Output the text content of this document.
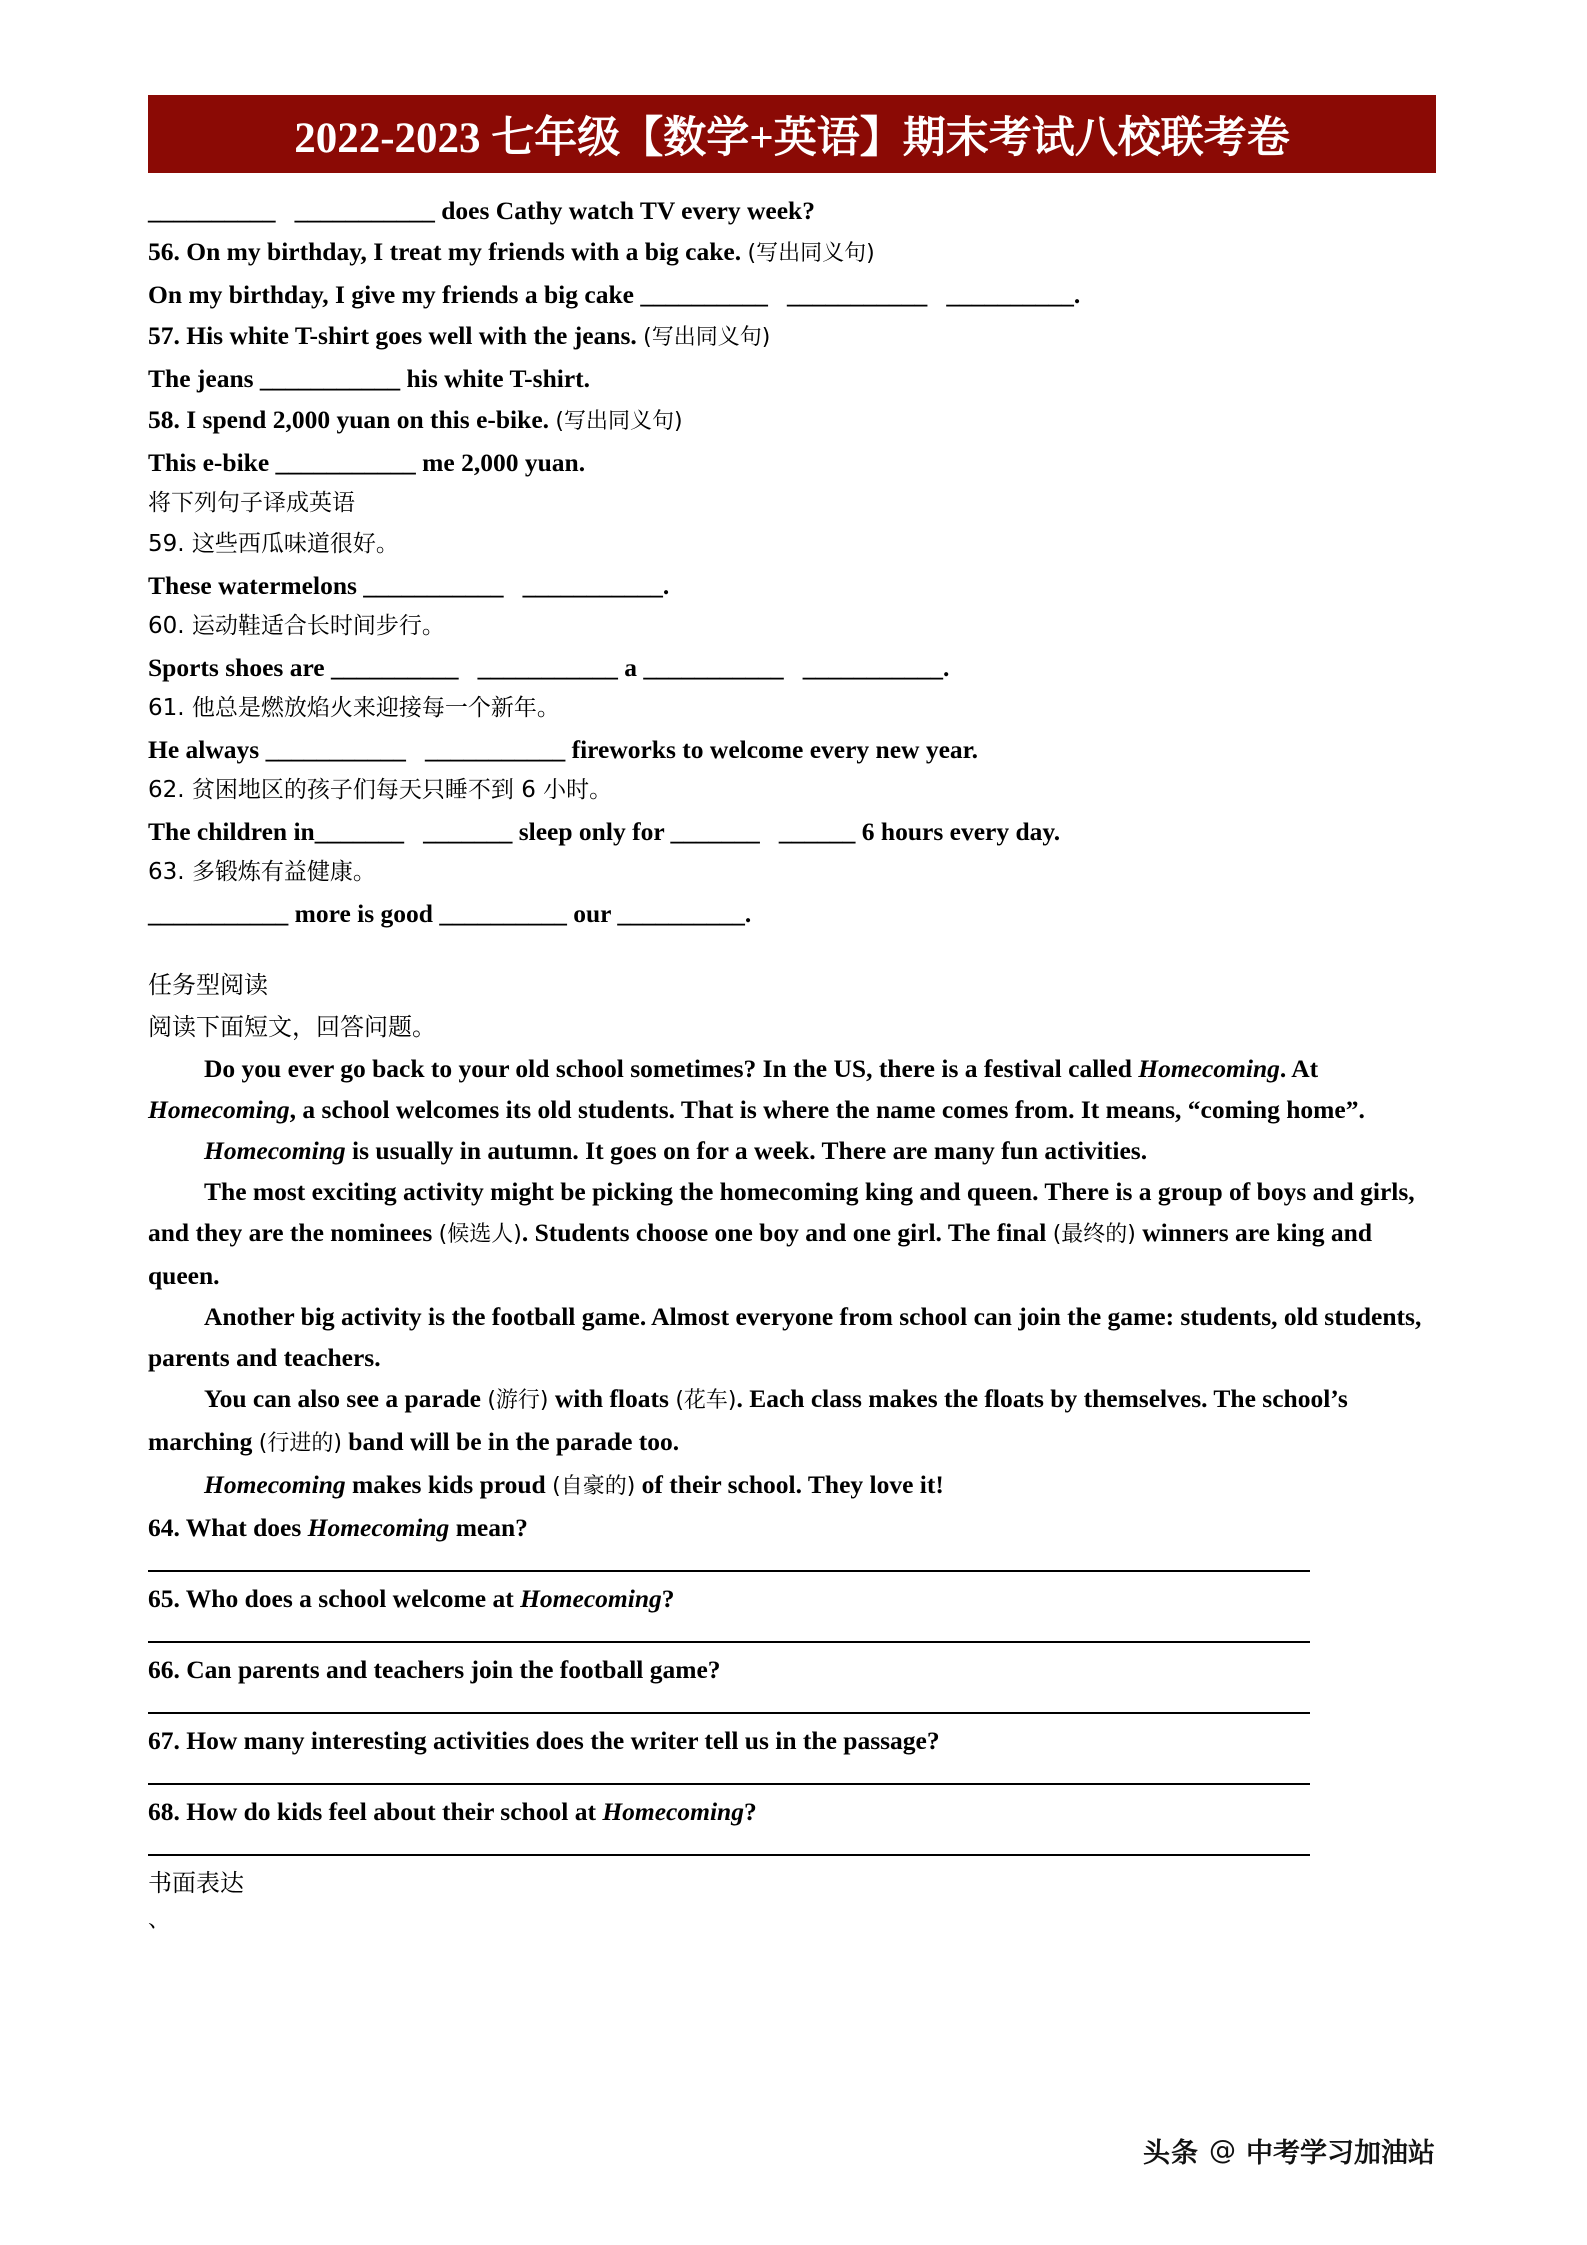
2022-2023 七年级【数学+英语】期末考试八校联考卷
__________   ___________ does Cathy watch TV every week?
56. On my birthday, I treat my friends with a big cake. (写出同义句)
On my birthday, I give my friends a big cake __________   ___________   __________.
57. His white T-shirt goes well with the jeans. (写出同义句)
The jeans ___________ his white T-shirt.
58. I spend 2,000 yuan on this e-bike. (写出同义句)
This e-bike ___________ me 2,000 yuan.
将下列句子译成英语
59. 这些西瓜味道很好。
These watermelons ___________   ___________.
60. 运动鞋适合长时间步行。
Sports shoes are __________   ___________ a ___________   ___________.
61. 他总是燃放焰火来迎接每一个新年。
He always ___________   ___________ fireworks to welcome every new year.
62. 贫困地区的孩子们每天只睡不到 6 小时。
The children in_______   _______ sleep only for _______   ______ 6 hours every day.
63. 多锻炼有益健康。
___________ more is good __________ our __________.
任务型阅读
阅读下面短文，回答问题。
Do you ever go back to your old school sometimes? In the US, there is a festival called Homecoming. At Homecoming, a school welcomes its old students. That is where the name comes from. It means, “coming home”.
Homecoming is usually in autumn. It goes on for a week. There are many fun activities.
The most exciting activity might be picking the homecoming king and queen. There is a group of boys and girls, and they are the nominees (候选人). Students choose one boy and one girl. The final (最终的) winners are king and queen.
Another big activity is the football game. Almost everyone from school can join the game: students, old students, parents and teachers.
You can also see a parade (游行) with floats (花车). Each class makes the floats by themselves. The school’s marching (行进的) band will be in the parade too.
Homecoming makes kids proud (自豪的) of their school. They love it!
64. What does Homecoming mean?
65. Who does a school welcome at Homecoming?
66. Can parents and teachers join the football game?
67. How many interesting activities does the writer tell us in the passage?
68. How do kids feel about their school at Homecoming?
书面表达
、
头条 @ 中考学习加油站
